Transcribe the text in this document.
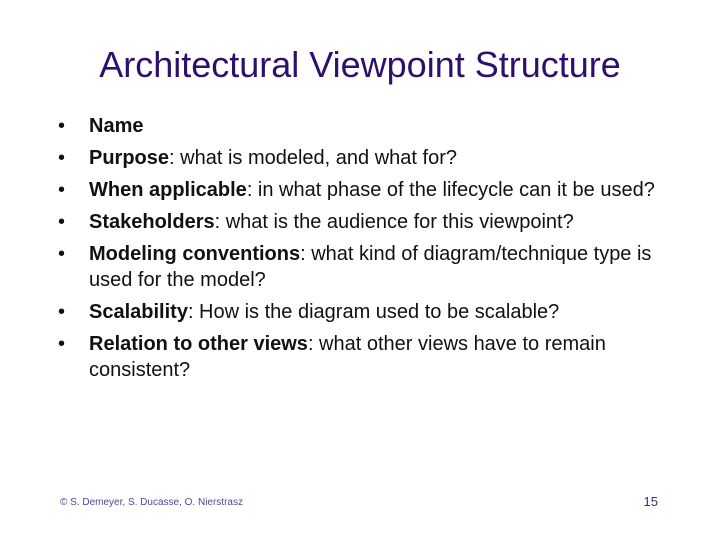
Architectural Viewpoint Structure
•	Name
•	Purpose: what is modeled, and what for?
•	When applicable: in what phase of the lifecycle can it be used?
•	Stakeholders: what is the audience for this viewpoint?
•	Modeling conventions: what kind of diagram/technique type is used for the model?
•	Scalability: How is the diagram used to be scalable?
•	Relation to other views: what other views have to remain consistent?
© S. Demeyer, S. Ducasse, O. Nierstrasz	15
